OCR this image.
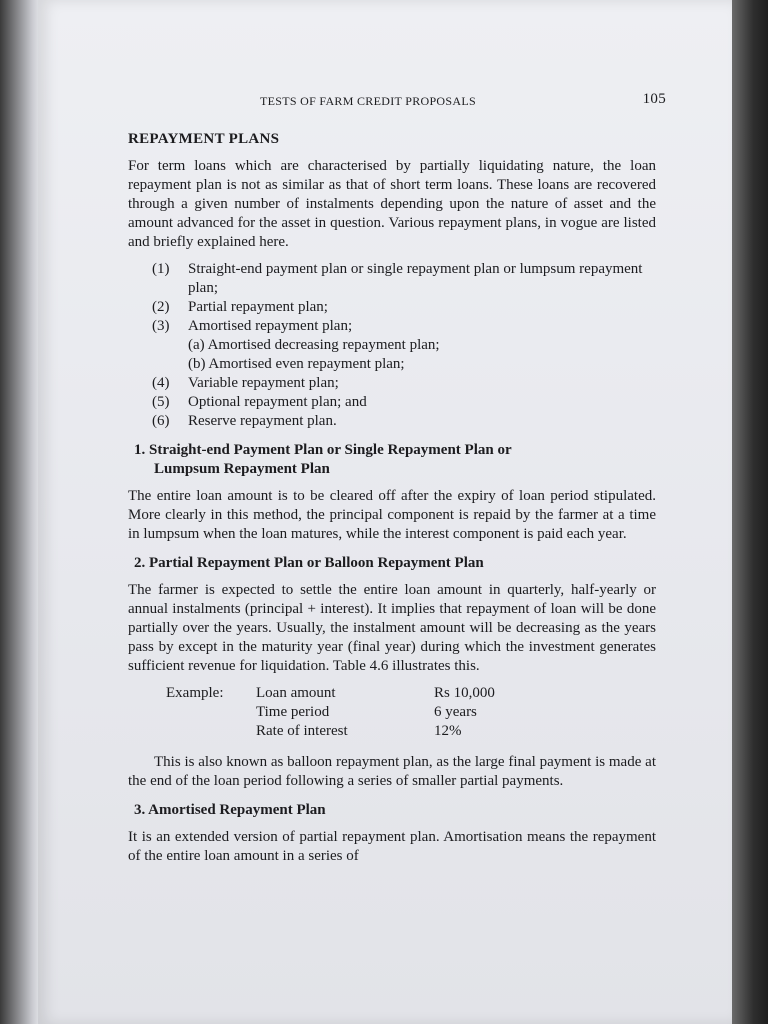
TESTS OF FARM CREDIT PROPOSALS	105
REPAYMENT PLANS

For term loans which are characterised by partially liquidating nature, the loan repayment plan is not as similar as that of short term loans. These loans are recovered through a given number of instalments depending upon the nature of asset and the amount advanced for the asset in question. Various repayment plans, in vogue are listed and briefly explained here.

(1) Straight-end payment plan or single repayment plan or lumpsum repayment plan;
(2) Partial repayment plan;
(3) Amortised repayment plan;
(a) Amortised decreasing repayment plan;
(b) Amortised even repayment plan;
(4) Variable repayment plan;
(5) Optional repayment plan; and
(6) Reserve repayment plan.
1. Straight-end Payment Plan or Single Repayment Plan or
Lumpsum Repayment Plan

The entire loan amount is to be cleared off after the expiry of loan period stipulated. More clearly in this method, the principal component is repaid by the farmer at a time in lumpsum when the loan matures, while the interest component is paid each year.

2. Partial Repayment Plan or Balloon Repayment Plan

The farmer is expected to settle the entire loan amount in quarterly, half-yearly or annual instalments (principal + interest). It implies that repayment of loan will be done partially over the years. Usually, the instalment amount will be decreasing as the years pass by except in the maturity year (final year) during which the investment generates sufficient revenue for liquidation. Table 4.6 illustrates this.

Example:	Loan amount	Rs 10,000
Time period	6 years
Rate of interest	12%

This is also known as balloon repayment plan, as the large final payment is made at the end of the loan period following a series of smaller partial payments.

3. Amortised Repayment Plan

It is an extended version of partial repayment plan. Amortisation means the repayment of the entire loan amount in a series of
